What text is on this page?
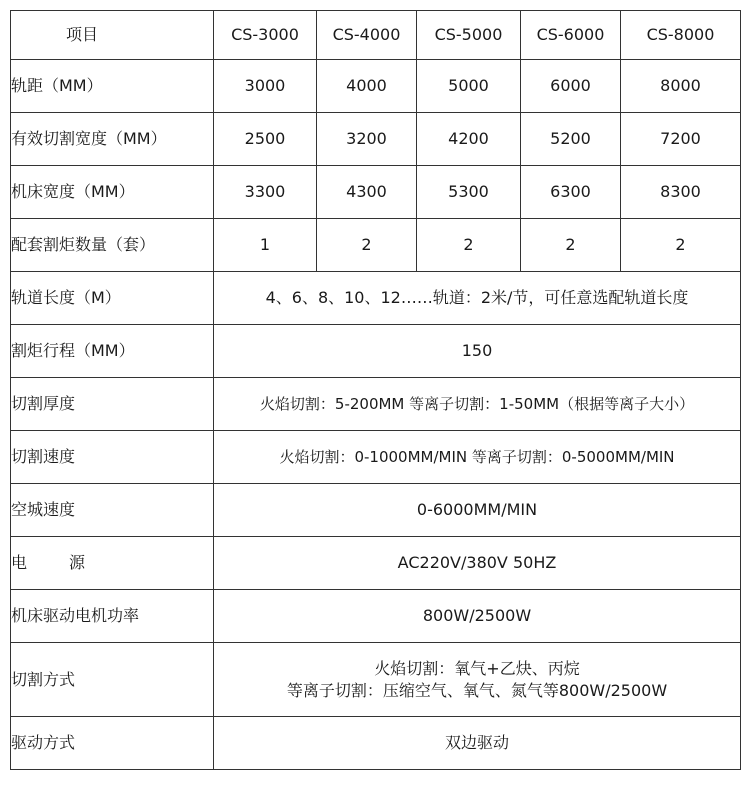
项目	CS-3000	CS-4000	CS-5000	CS-6000	CS-8000
轨距（MM）	3000	4000	5000	6000	8000
有效切割宽度（MM）	2500	3200	4200	5200	7200
机床宽度（MM）	3300	4300	5300	6300	8300
配套割炬数量（套）	1	2	2	2	2
轨道长度（M）	4、6、8、10、12……轨道：2米/节，可任意选配轨道长度				
割炬行程（MM）	150				
切割厚度	火焰切割：5-200MM 等离子切割：1-50MM（根据等离子大小）				
切割速度	火焰切割：0-1000MM/MIN 等离子切割：0-5000MM/MIN				
空城速度	0-6000MM/MIN				
电 源	AC220V/380V 50HZ				
机床驱动电机功率	800W/2500W				
切割方式	火焰切割：氧气+乙炔、丙烷
等离子切割：压缩空气、氧气、氮气等800W/2500W				

驱动方式	双边驱动				
